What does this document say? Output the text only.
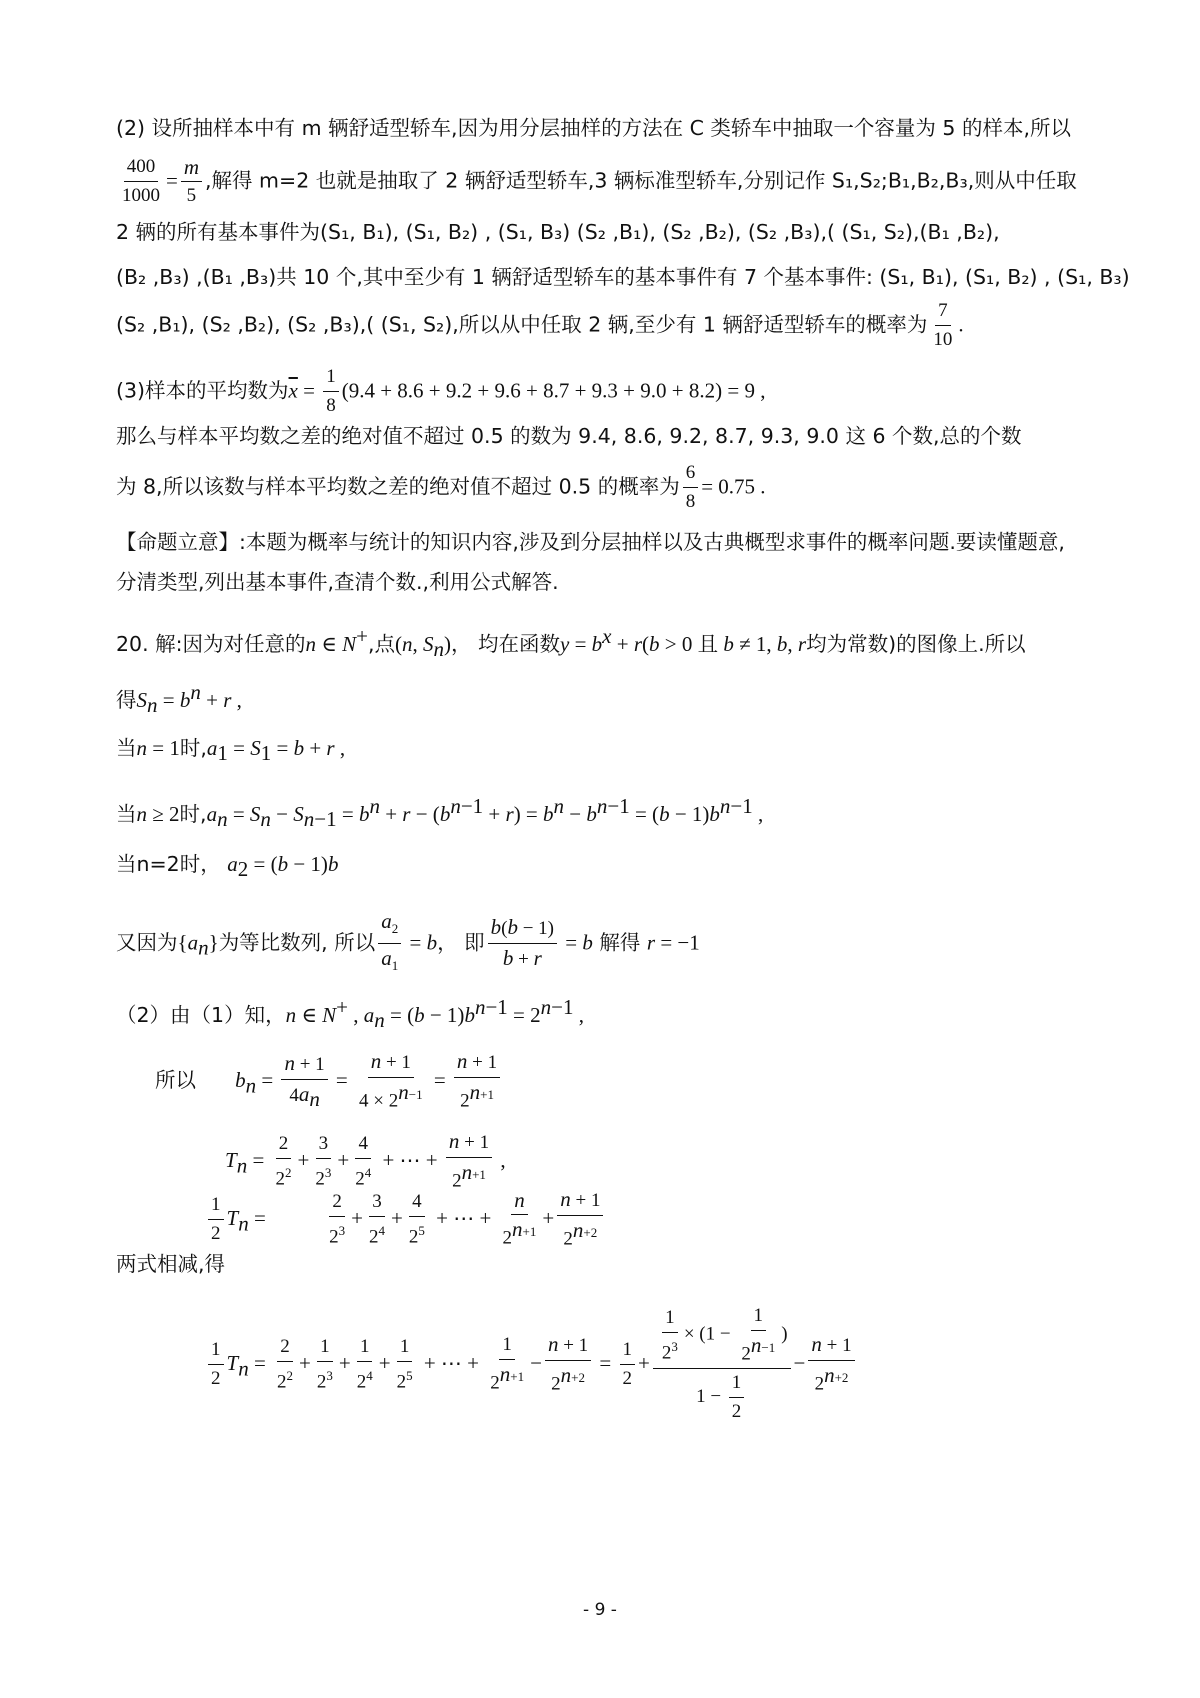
(2) 设所抽样本中有 m 辆舒适型轿车,因为用分层抽样的方法在 C 类轿车中抽取一个容量为 5 的样本,所以
$\frac{400}{1000} = \frac{m}{5}$ ,解得 m=2 也就是抽取了 2 辆舒适型轿车,3 辆标准型轿车,分别记作 S₁,S₂;B₁,B₂,B₃,则从中任取
2 辆的所有基本事件为(S₁, B₁), (S₁, B₂) , (S₁, B₃) (S₂ ,B₁), (S₂ ,B₂), (S₂ ,B₃),( (S₁, S₂),(B₁ ,B₂),
(B₂ ,B₃) ,(B₁ ,B₃)共 10 个,其中至少有 1 辆舒适型轿车的基本事件有 7 个基本事件: (S₁, B₁), (S₁, B₂) , (S₁, B₃)
(S₂ ,B₁), (S₂ ,B₂), (S₂ ,B₃),( (S₁, S₂),所以从中任取 2 辆,至少有 1 辆舒适型轿车的概率为 $\frac{7}{10}$ .
(3)样本的平均数为$\overline{x} = \frac{1}{8} (9.4 + 8.6 + 9.2 + 9.6 + 8.7 + 9.3 + 9.0 + 8.2) = 9$ ,
那么与样本平均数之差的绝对值不超过 0.5 的数为 9.4, 8.6, 9.2, 8.7, 9.3, 9.0 这 6 个数,总的个数
为 8,所以该数与样本平均数之差的绝对值不超过 0.5 的概率为 $\frac{6}{8} = 0.75$ .
【命题立意】:本题为概率与统计的知识内容,涉及到分层抽样以及古典概型求事件的概率问题.要读懂题意,
分清类型,列出基本事件,查清个数.,利用公式解答.
20. 解:因为对任意的n ∈ N+,点(n, $S_n$)， 均在函数$y = b^x + r(b > 0$ 且 b ≠ 1, b, r均为常数)的图像上.所以
得$S_n = b^n + r$ ,
当n = 1时$,a_1 = S_1 = b + r$ ,
当n ≥ 2时$,a_n = S_n - S_{n-1} = b^n + r - (b^{n-1} + r) = b^n - b^{n-1} = (b - 1)b^{n-1}$ ,
当n=2时， $a_2 = (b - 1)b$
又因为$\{a_n\}$为等比数列, 所以 $\frac{a_2}{a_1} = b$， 即 $\frac{b(b - 1)}{b + r} = b$ 解得 r = −1
（2）由（1）知，n ∈ N+ , $a_n = (b - 1)b^{n-1} = 2^{n-1}$ ,
所以 $b_n = \frac{n + 1}{4a_n} = \frac{n + 1}{4 \times 2^{n-1}} = \frac{n + 1}{2^{n+1}}$
$T_n = \frac{2}{2^2} + \frac{3}{2^3} + \frac{4}{2^4}$ + ⋯ + $\frac{n + 1}{2^{n+1}}$ ,
$\frac{1}{2} T_n$ =	$\frac{2}{2^3} + \frac{3}{2^4} + \frac{4}{2^5}$ + ⋯ + $\frac{n}{2^{n+1}} + \frac{n + 1}{2^{n+2}}$
两式相减,得
$\frac{1}{2} T_n = \frac{2}{2^2} + \frac{1}{2^3} + \frac{1}{2^4} + \frac{1}{2^5}$ + ⋯ + $\frac{1}{2^{n+1}} - \frac{n + 1}{2^{n+2}} = \frac{1}{2} + \frac{\frac{1}{2^3} \times (1 - \frac{1}{2^{n-1}} )}{1 - \frac{1}{2}} - \frac{n + 1}{2^{n+2}}$
- 9 -
